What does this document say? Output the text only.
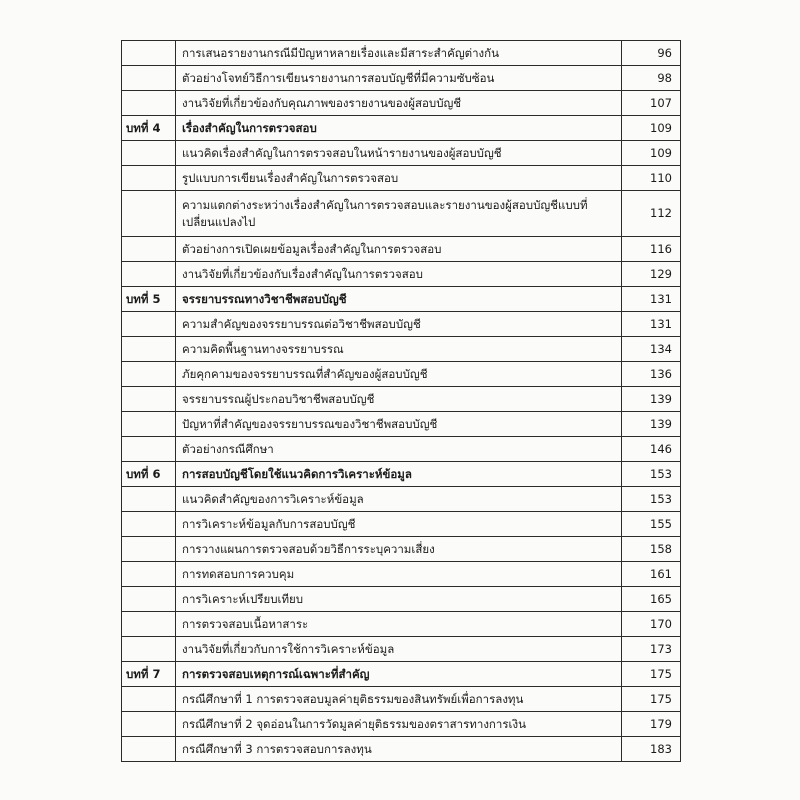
	การเสนอรายงานกรณีมีปัญหาหลายเรื่องและมีสาระสำคัญต่างกัน	96
	ตัวอย่างโจทย์วิธีการเขียนรายงานการสอบบัญชีที่มีความซับซ้อน	98
	งานวิจัยที่เกี่ยวข้องกับคุณภาพของรายงานของผู้สอบบัญชี	107
บทที่ 4	เรื่องสำคัญในการตรวจสอบ	109
	แนวคิดเรื่องสำคัญในการตรวจสอบในหน้ารายงานของผู้สอบบัญชี	109
	รูปแบบการเขียนเรื่องสำคัญในการตรวจสอบ	110
	ความแตกต่างระหว่างเรื่องสำคัญในการตรวจสอบและรายงานของผู้สอบบัญชีแบบที่เปลี่ยนแปลงไป	112
	ตัวอย่างการเปิดเผยข้อมูลเรื่องสำคัญในการตรวจสอบ	116
	งานวิจัยที่เกี่ยวข้องกับเรื่องสำคัญในการตรวจสอบ	129
บทที่ 5	จรรยาบรรณทางวิชาชีพสอบบัญชี	131
	ความสำคัญของจรรยาบรรณต่อวิชาชีพสอบบัญชี	131
	ความคิดพื้นฐานทางจรรยาบรรณ	134
	ภัยคุกคามของจรรยาบรรณที่สำคัญของผู้สอบบัญชี	136
	จรรยาบรรณผู้ประกอบวิชาชีพสอบบัญชี	139
	ปัญหาที่สำคัญของจรรยาบรรณของวิชาชีพสอบบัญชี	139
	ตัวอย่างกรณีศึกษา	146
บทที่ 6	การสอบบัญชีโดยใช้แนวคิดการวิเคราะห์ข้อมูล	153
	แนวคิดสำคัญของการวิเคราะห์ข้อมูล	153
	การวิเคราะห์ข้อมูลกับการสอบบัญชี	155
	การวางแผนการตรวจสอบด้วยวิธีการระบุความเสี่ยง	158
	การทดสอบการควบคุม	161
	การวิเคราะห์เปรียบเทียบ	165
	การตรวจสอบเนื้อหาสาระ	170
	งานวิจัยที่เกี่ยวกับการใช้การวิเคราะห์ข้อมูล	173
บทที่ 7	การตรวจสอบเหตุการณ์เฉพาะที่สำคัญ	175
	กรณีศึกษาที่ 1 การตรวจสอบมูลค่ายุติธรรมของสินทรัพย์เพื่อการลงทุน	175
	กรณีศึกษาที่ 2 จุดอ่อนในการวัดมูลค่ายุติธรรมของตราสารทางการเงิน	179
	กรณีศึกษาที่ 3 การตรวจสอบการลงทุน	183
